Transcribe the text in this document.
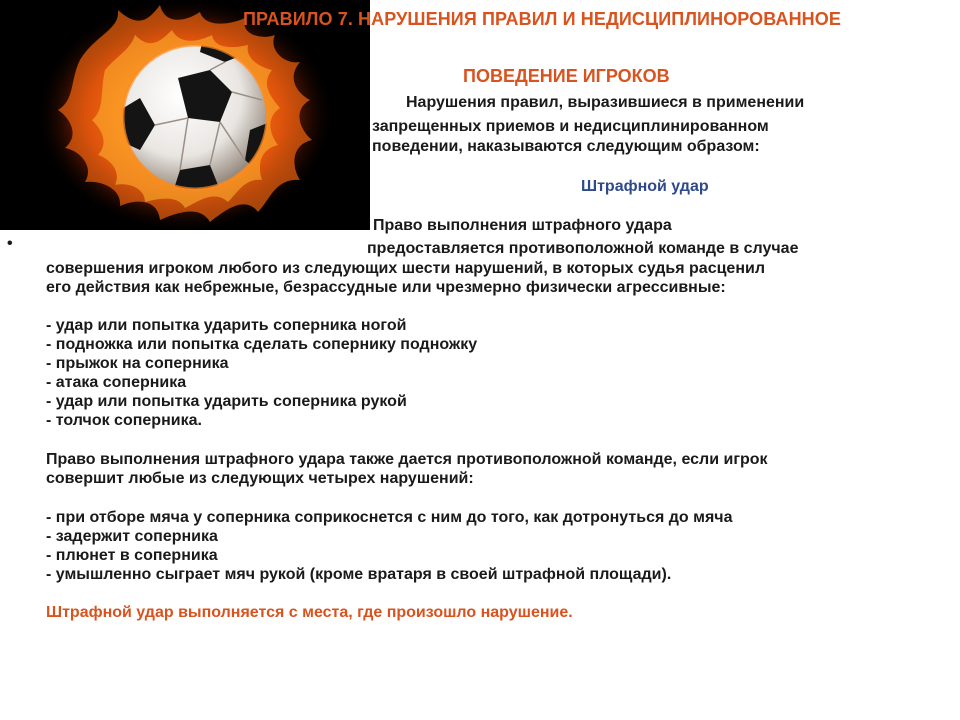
ПРАВИЛО 7. НАРУШЕНИЯ ПРАВИЛ И НЕДИСЦИПЛИНОРОВАННОЕ
ПОВЕДЕНИЕ ИГРОКОВ
Нарушения правил, выразившиеся в применении
запрещенных приемов и недисциплинированном
поведении, наказываются следующим образом:
Штрафной удар
•
Право выполнения штрафного удара
предоставляется противоположной команде в случае
совершения игроком любого из следующих шести нарушений, в которых судья расценил
его действия как небрежные, безрассудные или чрезмерно физически агрессивные:
- удар или попытка ударить соперника ногой
- подножка или попытка сделать сопернику подножку
- прыжок на соперника
- атака соперника
- удар или попытка ударить соперника рукой
- толчок соперника.
Право выполнения штрафного удара также дается противоположной команде, если игрок
совершит любые из следующих четырех нарушений:
- при отборе мяча у соперника соприкоснется с ним до того, как дотронуться до мяча
- задержит соперника
- плюнет в соперника
- умышленно сыграет мяч рукой (кроме вратаря в своей штрафной площади).
Штрафной удар выполняется с места, где произошло нарушение.
